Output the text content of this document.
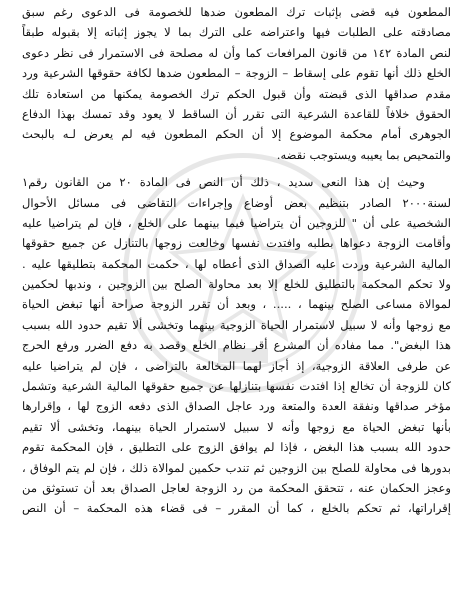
المطعون فيه قضى بإثبات ترك المطعون ضدها للخصومة فى الدعوى رغم سبق
مصادقته على الطلبات فيها واعتراضه على الترك بما لا يجوز إثباته إلا بقبوله طبقاً
لنص المادة ١٤٢ من قانون المرافعات كما وأن له مصلحة فى الاستمرار فى نظر دعوى
الخلع ذلك أنها تقوم على إسقاط – الزوجة – المطعون ضدها لكافة حقوقها الشرعية ورد
مقدم صداقها الذى قبضته وأن قبول الحكم ترك الخصومة يمكنها من استعادة تلك
الحقوق خلافاً للقاعدة الشرعية التى تقرر أن الساقط لا يعود وقد تمسك بهذا الدفاع
الجوهرى أمام محكمة الموضوع إلا أن الحكم المطعون فيه لم يعرض لـه بالبحث
والتمحيص بما يعيبه ويستوجب نقضه.
وحيث إن هذا النعى سديد ، ذلك أن النص فى المادة ٢٠ من القانون رقم١
لسنة٢٠٠٠ الصادر بتنظيم بعض أوضاع وإجراءات التقاضى فى مسائل الأحوال
الشخصية على أن " للزوجين أن يتراضيا فيما بينهما على الخلع ، فإن لم يتراضيا عليه
وأقامت الزوجة دعواها بطلبه وافتدت نفسها وخالعت زوجها بالتنازل عن جميع حقوقها
المالية الشرعية وردت عليه الصداق الذى أعطاه لها ، حكمت المحكمة بتطليقها عليه .
ولا تحكم المحكمة بالتطليق للخلع إلا بعد محاولة الصلح بين الزوجين ، وندبها لحكمين
لموالاة مساعى الصلح بينهما ، ..... ، وبعد أن تقرر الزوجة صراحة أنها تبغض الحياة
مع زوجها وأنه لا سبيل لاستمرار الحياة الزوجية بينهما وتخشى ألا تقيم حدود الله بسبب
هذا البغض". مما مفاده أن المشرع أقر نظام الخلع وقصد به دفع الضرر ورفع الحرج
عن طرفى العلاقة الزوجية، إذ أجاز لهما المخالعة بالتراضى ، فإن لم يتراضيا عليه
كان للزوجة أن تخالع إذا افتدت نفسها بتنازلها عن جميع حقوقها المالية الشرعية وتشمل
مؤخر صداقها ونفقة العدة والمتعة ورد عاجل الصداق الذى دفعه الزوج لها ، وإقرارها
بأنها تبغض الحياة مع زوجها وأنه لا سبيل لاستمرار الحياة بينهما، وتخشى ألا تقيم
حدود الله بسبب هذا البغض ، فإذا لم يوافق الزوج على التطليق ، فإن المحكمة تقوم
بدورها فى محاولة للصلح بين الزوجين ثم تندب حكمين لموالاة ذلك ، فإن لم يتم الوفاق ،
وعجز الحكمان عنه ، تتحقق المحكمة من رد الزوجة لعاجل الصداق بعد أن تستوثق من
إقراراتها، ثم تحكم بالخلع ، كما أن المقرر – فى قضاء هذه المحكمة – أن النص
